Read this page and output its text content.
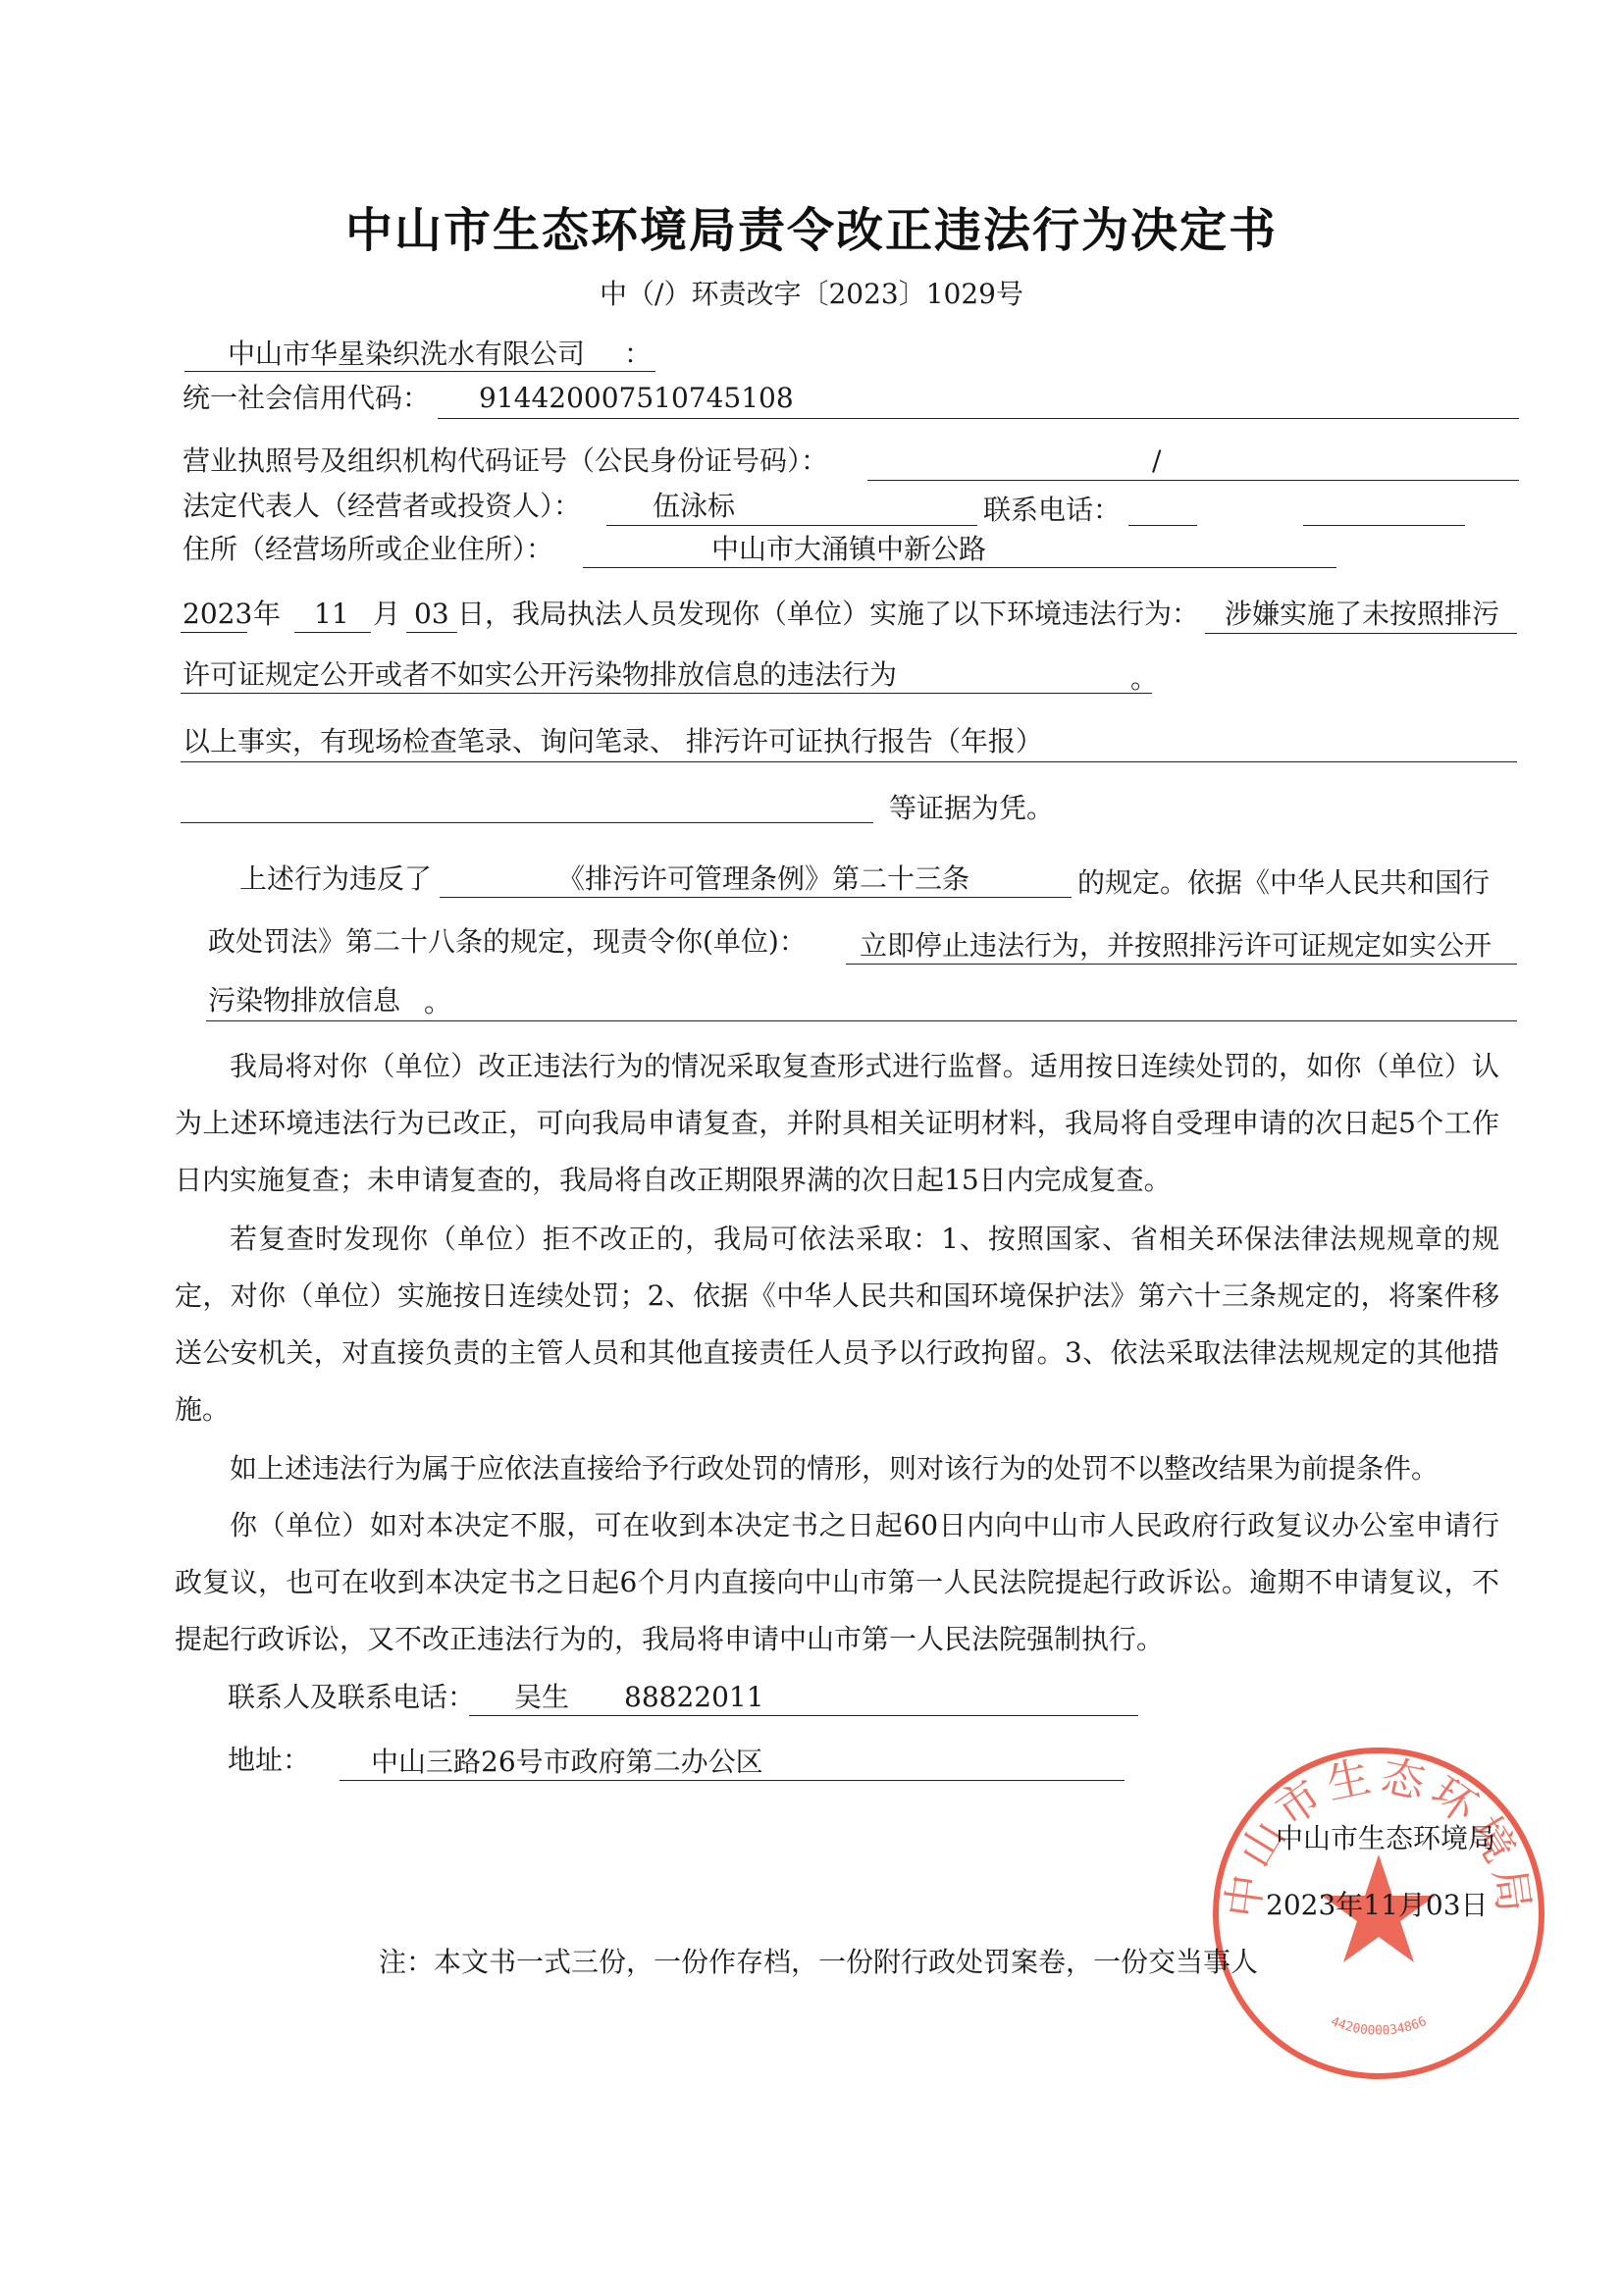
中山市生态环境局责令改正违法行为决定书
中（/）环责改字〔2023〕1029号
中山市华星染织洗水有限公司 ：
统一社会信用代码： 914420007510745108
营业执照号及组织机构代码证号（公民身份证号码）：	/
法定代表人（经营者或投资人）：	伍泳标	联系电话：
住所（经营场所或企业住所）：	中山市大涌镇中新公路
2023 年 11 月 03 日，我局执法人员发现你（单位）实施了以下环境违法行为： 涉嫌实施了未按照排污
许可证规定公开或者不如实公开污染物排放信息的违法行为	。
以上事实，有现场检查笔录、询问笔录、 排污许可证执行报告（年报）
等证据为凭。
上述行为违反了	《排污许可管理条例》第二十三条	的规定。依据《中华人民共和国行
政处罚法》第二十八条的规定，现责令你(单位)： 立即停止违法行为，并按照排污许可证规定如实公开
污染物排放信息 。

我局将对你（单位）改正违法行为的情况采取复查形式进行监督。适用按日连续处罚的，如你（单位）认为上述环境违法行为已改正，可向我局申请复查，并附具相关证明材料，我局将自受理申请的次日起5个工作日内实施复查；未申请复查的，我局将自改正期限界满的次日起15日内完成复查。

若复查时发现你（单位）拒不改正的，我局可依法采取：1、按照国家、省相关环保法律法规规章的规定，对你（单位）实施按日连续处罚；2、依据《中华人民共和国环境保护法》第六十三条规定的，将案件移送公安机关，对直接负责的主管人员和其他直接责任人员予以行政拘留。3、依法采取法律法规规定的其他措施。

如上述违法行为属于应依法直接给予行政处罚的情形，则对该行为的处罚不以整改结果为前提条件。

你（单位）如对本决定不服，可在收到本决定书之日起60日内向中山市人民政府行政复议办公室申请行政复议，也可在收到本决定书之日起6个月内直接向中山市第一人民法院提起行政诉讼。逾期不申请复议，不提起行政诉讼，又不改正违法行为的，我局将申请中山市第一人民法院强制执行。

联系人及联系电话： 吴生 88822011
地址： 中山三路26号市政府第二办公区
中山市生态环境局
4420000034866
中山市生态环境局
2023年11月03日
注：本文书一式三份，一份作存档，一份附行政处罚案卷，一份交当事人
